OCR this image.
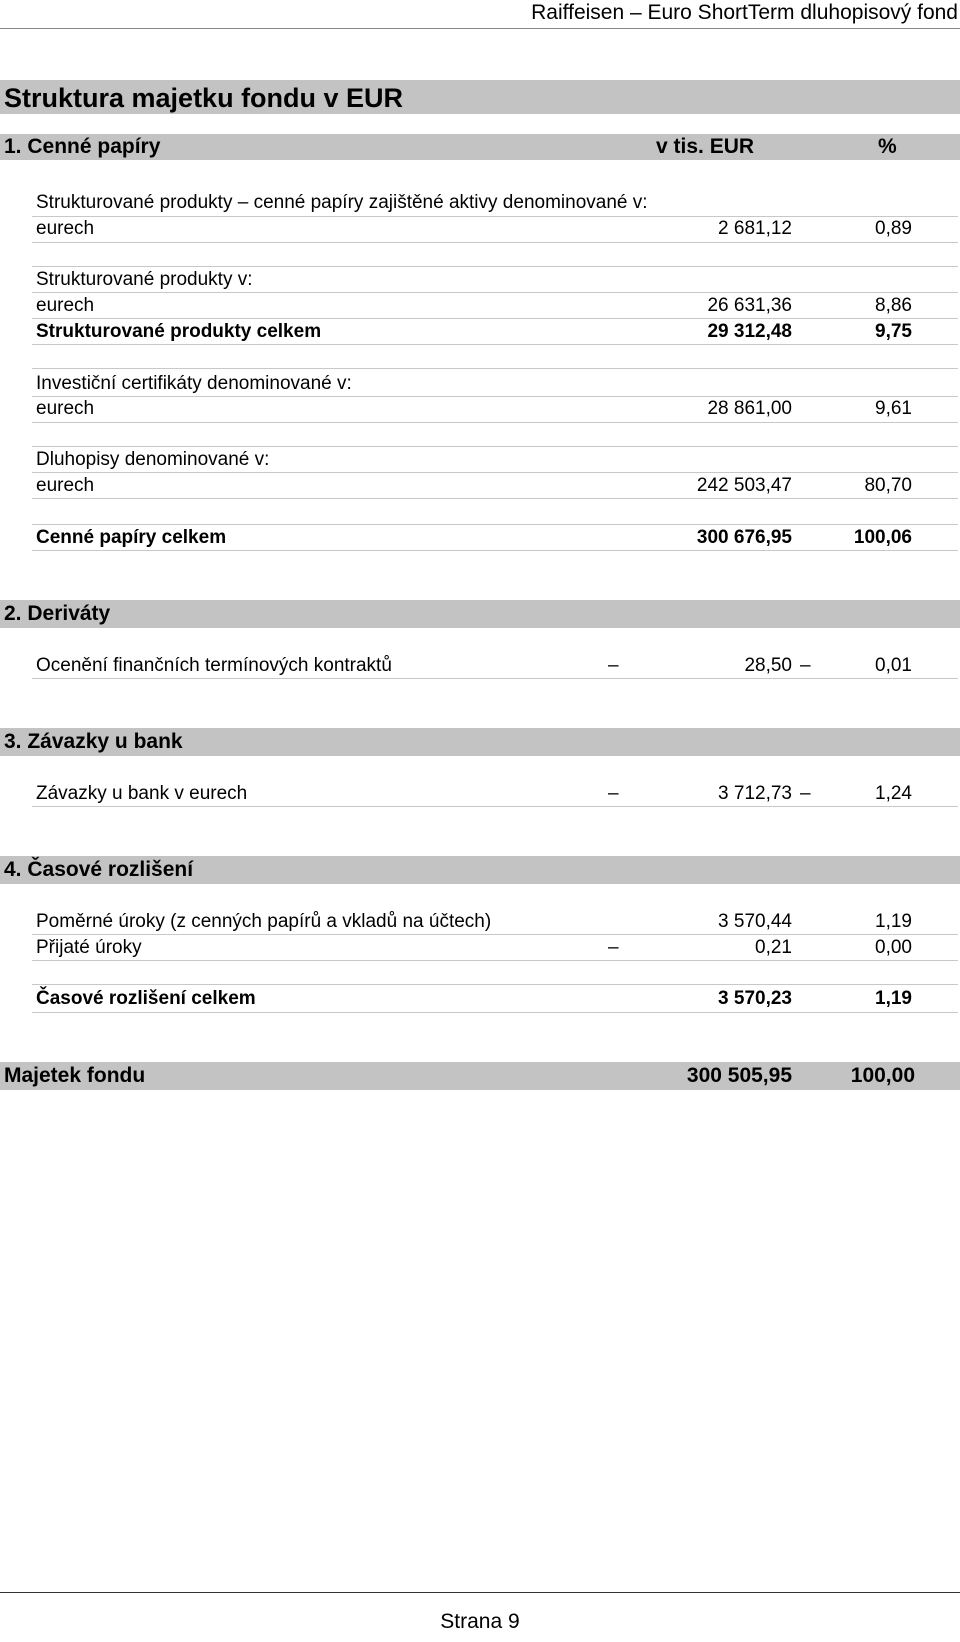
Raiffeisen – Euro ShortTerm dluhopisový fond
Struktura majetku fondu v EUR
1. Cenné papíry	v tis. EUR	%
Strukturované produkty – cenné papíry zajištěné aktivy denominované v:
eurech	2 681,12	0,89
Strukturované produkty v:
eurech	26 631,36	8,86
Strukturované produkty celkem	29 312,48	9,75
Investiční certifikáty denominované v:
eurech	28 861,00	9,61
Dluhopisy denominované v:
eurech	242 503,47	80,70
Cenné papíry celkem	300 676,95	100,06
2. Deriváty
Ocenění finančních termínových kontraktů	–	28,50 –	0,01
3. Závazky u bank
Závazky u bank v eurech	–	3 712,73 –	1,24
4. Časové rozlišení
Poměrné úroky (z cenných papírů a vkladů na účtech)	3 570,44	1,19
Přijaté úroky	–	0,21	0,00
Časové rozlišení celkem	3 570,23	1,19
Majetek fondu	300 505,95	100,00
Strana 9
